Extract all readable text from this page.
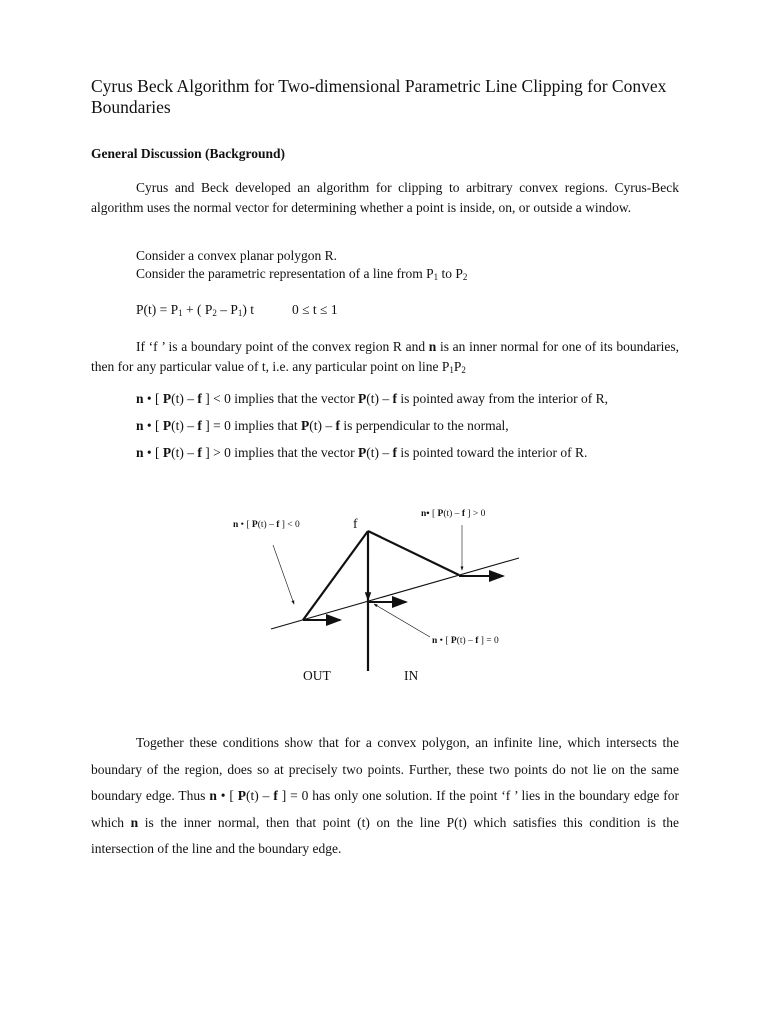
Cyrus Beck Algorithm for Two-dimensional Parametric Line Clipping for Convex Boundaries
General Discussion (Background)

Cyrus and Beck developed an algorithm for clipping to arbitrary convex regions. Cyrus-Beck algorithm uses the normal vector for determining whether a point is inside, on, or outside a window.

Consider a convex planar polygon R.
Consider the parametric representation of a line from $P_1$ to $P_2$
$P(t) = P_1$ + ( $P_2 - P_1$) t	0 ≤ t ≤ 1

If ‘f ’ is a boundary point of the convex region R and n is an inner normal for one of its boundaries, then for any particular value of t, i.e. any particular point on line $P_1P_2$

n • [ P(t) – f ] < 0 implies that the vector P(t) – f is pointed away from the interior of R,
n • [ P(t) – f ] = 0 implies that P(t) – f is perpendicular to the normal,
n • [ P(t) – f ] > 0 implies that the vector P(t) – f is pointed toward the interior of R.
n • [ P(t) – f ] < 0	f
n• [ P(t) – f ] > 0
n • [ P(t) – f ] = 0
OUT	IN

Together these conditions show that for a convex polygon, an infinite line, which intersects the boundary of the region, does so at precisely two points. Further, these two points do not lie on the same boundary edge. Thus n • [ P(t) – f ] = 0 has only one solution. If the point ‘f ’ lies in the boundary edge for which n is the inner normal, then that point (t) on the line P(t) which satisfies this condition is the intersection of the line and the boundary edge.
